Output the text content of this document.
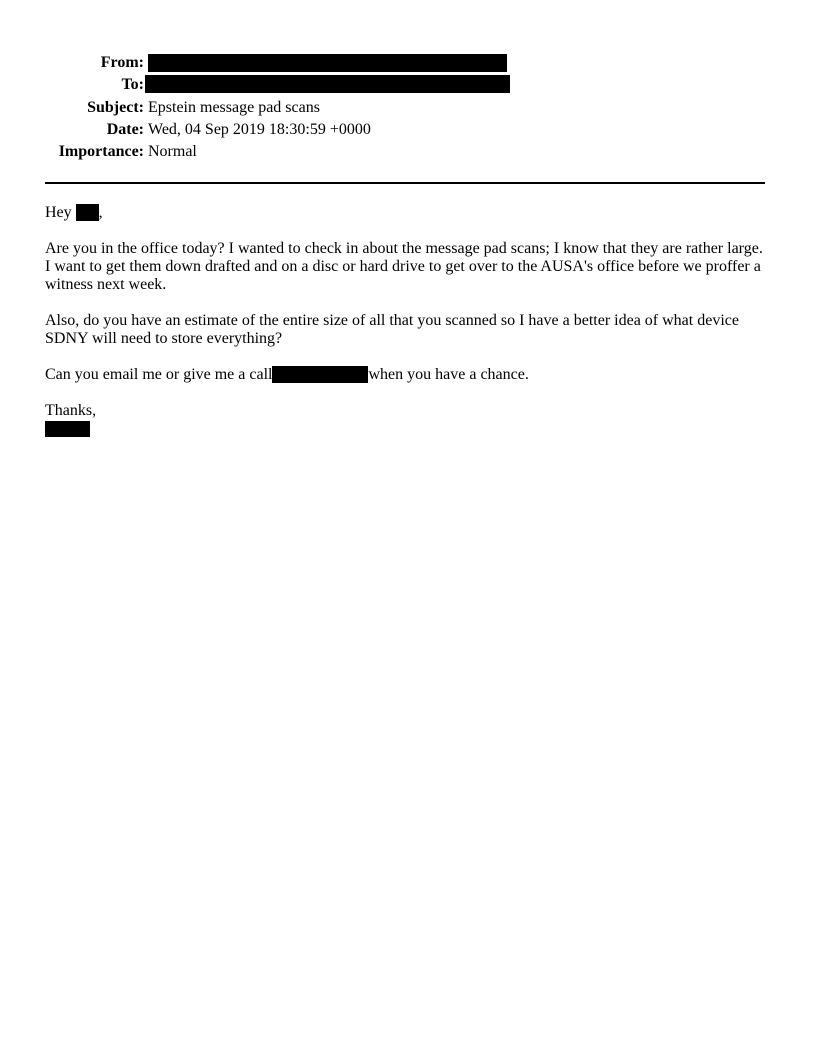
From:
To:
Subject: Epstein message pad scans
Date: Wed, 04 Sep 2019 18:30:59 +0000
Importance: Normal

Hey ,

Are you in the office today? I wanted to check in about the message pad scans; I know that they are rather large. I want to get them down drafted and on a disc or hard drive to get over to the AUSA's office before we proffer a witness next week.

Also, do you have an estimate of the entire size of all that you scanned so I have a better idea of what device SDNY will need to store everything?

Can you email me or give me a call	when you have a chance.

Thanks,
